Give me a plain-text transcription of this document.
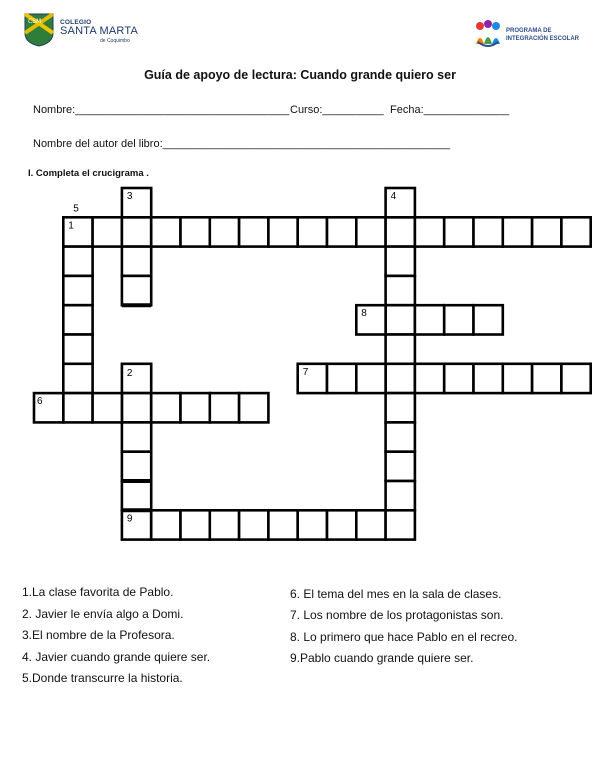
CSM	COLEGIO
SANTA MARTA
de Coquimbo
PROGRAMA DE
INTEGRACIÓN ESCOLAR
Guía de apoyo de lectura: Cuando grande quiero ser
Nombre:___________________________________ Curso:__________ Fecha:______________
Nombre del autor del libro:_______________________________________________
I. Completa el crucigrama .
1
2
3	4
5
6
7
8
9
1.La clase favorita de Pablo.
2. Javier le envía algo a Domi.
3.El nombre de la Profesora.
4. Javier cuando grande quiere ser.
5.Donde transcurre la historia.
6. El tema del mes en la sala de clases.
7. Los nombre de los protagonistas son.
8. Lo primero que hace Pablo en el recreo.
9.Pablo cuando grande quiere ser.
